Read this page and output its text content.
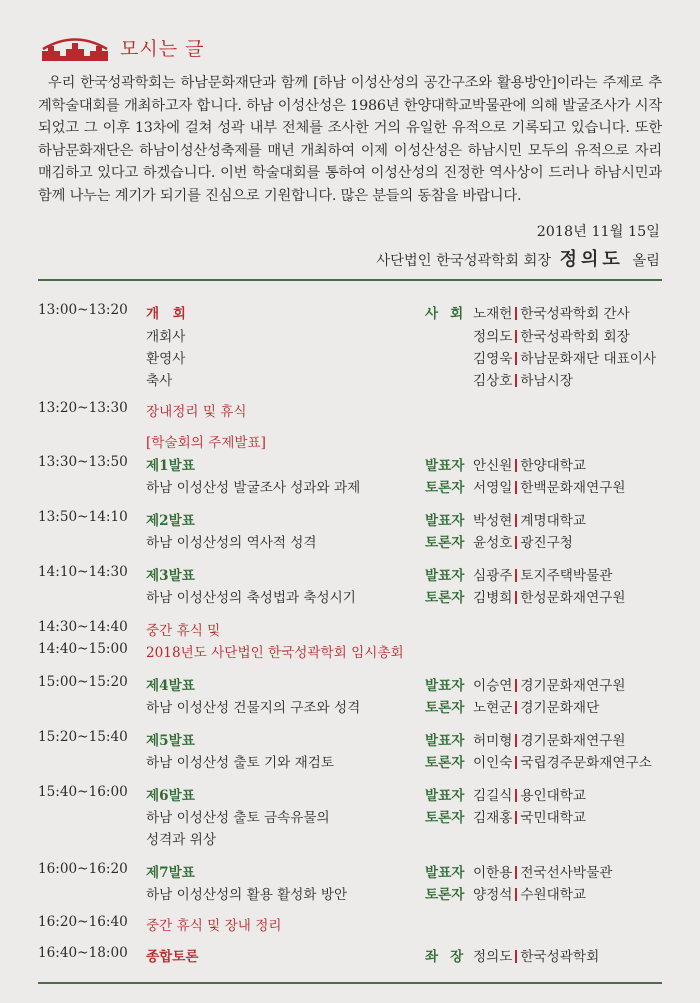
모시는 글
우리 한국성곽학회는 하남문화재단과 함께 [하남 이성산성의 공간구조와 활용방안]이라는 주제로 추계학술대회를 개최하고자 합니다. 하남 이성산성은 1986년 한양대학교박물관에 의해 발굴조사가 시작되었고 그 이후 13차에 걸쳐 성곽 내부 전체를 조사한 거의 유일한 유적으로 기록되고 있습니다. 또한 하남문화재단은 하남이성산성축제를 매년 개최하여 이제 이성산성은 하남시민 모두의 유적으로 자리매김하고 있다고 하겠습니다. 이번 학술대회를 통하여 이성산성의 진정한 역사상이 드러나 하남시민과 함께 나누는 계기가 되기를 진심으로 기원합니다. 많은 분들의 동참을 바랍니다.
2018년 11월 15일
사단법인 한국성곽학회 회장 정의도 올림
13:00~13:20 개　회	사회노재헌 한국성곽학회 간사
개회사	정의도 한국성곽학회 회장
환영사	김영욱 하남문화재단 대표이사
축사	김상호 하남시장
13:20~13:30 장내정리 및 휴식
[학술회의 주제발표]
13:30~13:50 제1발표	발표자 안신원 한양대학교
하남 이성산성 발굴조사 성과와 과제	토론자 서영일 한백문화재연구원
13:50~14:10 제2발표	발표자 박성현 계명대학교
하남 이성산성의 역사적 성격	토론자 윤성호 광진구청
14:10~14:30 제3발표	발표자 심광주 토지주택박물관
하남 이성산성의 축성법과 축성시기	토론자 김병희 한성문화재연구원
14:30~14:40 중간 휴식 및
14:40~15:00 2018년도 사단법인 한국성곽학회 임시총회
15:00~15:20 제4발표	발표자 이승연 경기문화재연구원
하남 이성산성 건물지의 구조와 성격	토론자 노현군 경기문화재단
15:20~15:40 제5발표	발표자 허미형 경기문화재연구원
하남 이성산성 출토 기와 재검토	토론자 이인숙 국립경주문화재연구소
15:40~16:00 제6발표	발표자 김길식 용인대학교
하남 이성산성 출토 금속유물의	토론자 김재홍 국민대학교
성격과 위상
16:00~16:20 제7발표	발표자 이한용 전국선사박물관
하남 이성산성의 활용 활성화 방안	토론자 양정석 수원대학교
16:20~16:40 중간 휴식 및 장내 정리
16:40~18:00 종합토론	좌장정의도 한국성곽학회
